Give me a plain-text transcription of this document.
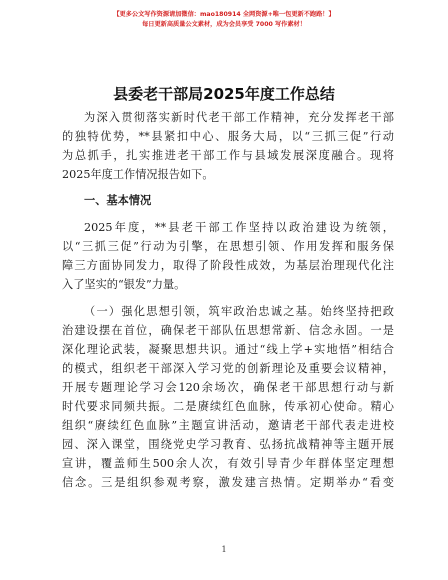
【更多公文写作资源请加微信：mao180914 全网资源+唯一包更新不跑路！】
每日更新高质量公文素材，成为会员享受 7000 写作素材！
县委老干部局2025年度工作总结
为深入贯彻落实新时代老干部工作精神，充分发挥老干部
的独特优势，**县紧扣中心、服务大局，以“三抓三促”行动
为总抓手，扎实推进老干部工作与县域发展深度融合。现将
2025年度工作情况报告如下。
一、基本情况
2025年度，**县老干部工作坚持以政治建设为统领，
以“三抓三促”行动为引擎，在思想引领、作用发挥和服务保
障三方面协同发力，取得了阶段性成效，为基层治理现代化注
入了坚实的“银发”力量。
（一）强化思想引领，筑牢政治忠诚之基。始终坚持把政
治建设摆在首位，确保老干部队伍思想常新、信念永固。一是
深化理论武装，凝聚思想共识。通过“线上学+实地悟”相结合
的模式，组织老干部深入学习党的创新理论及重要会议精神，
开展专题理论学习会120余场次，确保老干部思想行动与新
时代要求同频共振。二是赓续红色血脉，传承初心使命。精心
组织“赓续红色血脉”主题宣讲活动，邀请老干部代表走进校
园、深入课堂，围绕党史学习教育、弘扬抗战精神等主题开展
宣讲，覆盖师生500余人次，有效引导青少年群体坚定理想
信念。三是组织参观考察，激发建言热情。定期举办“看变
1
